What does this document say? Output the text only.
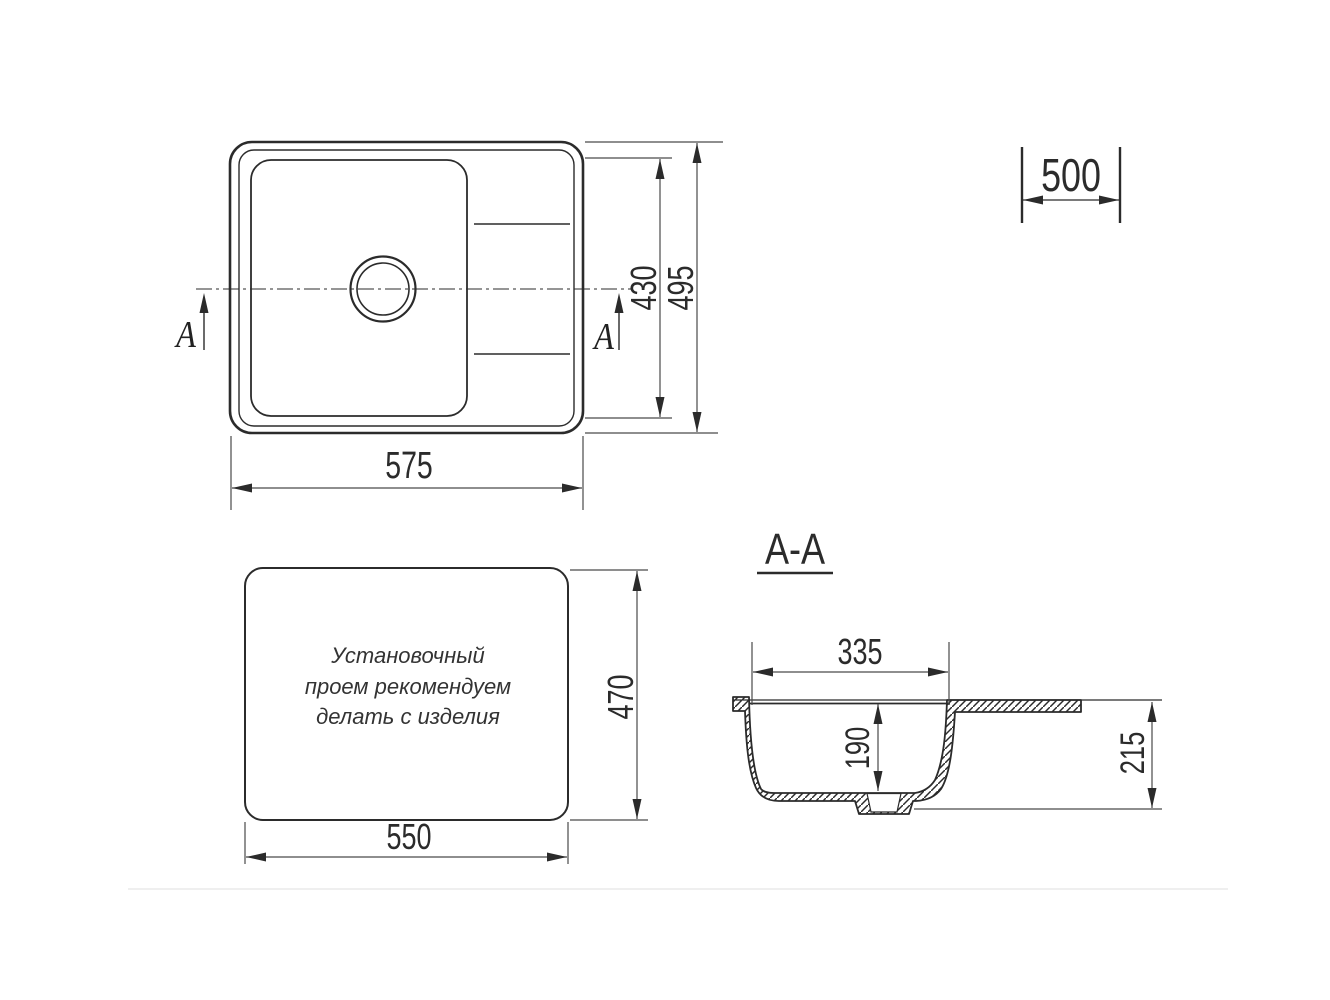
A	A
575
430
495
500
Установочный
проем рекомендуем
делать с изделия
550
470
A-A
335
190	215
